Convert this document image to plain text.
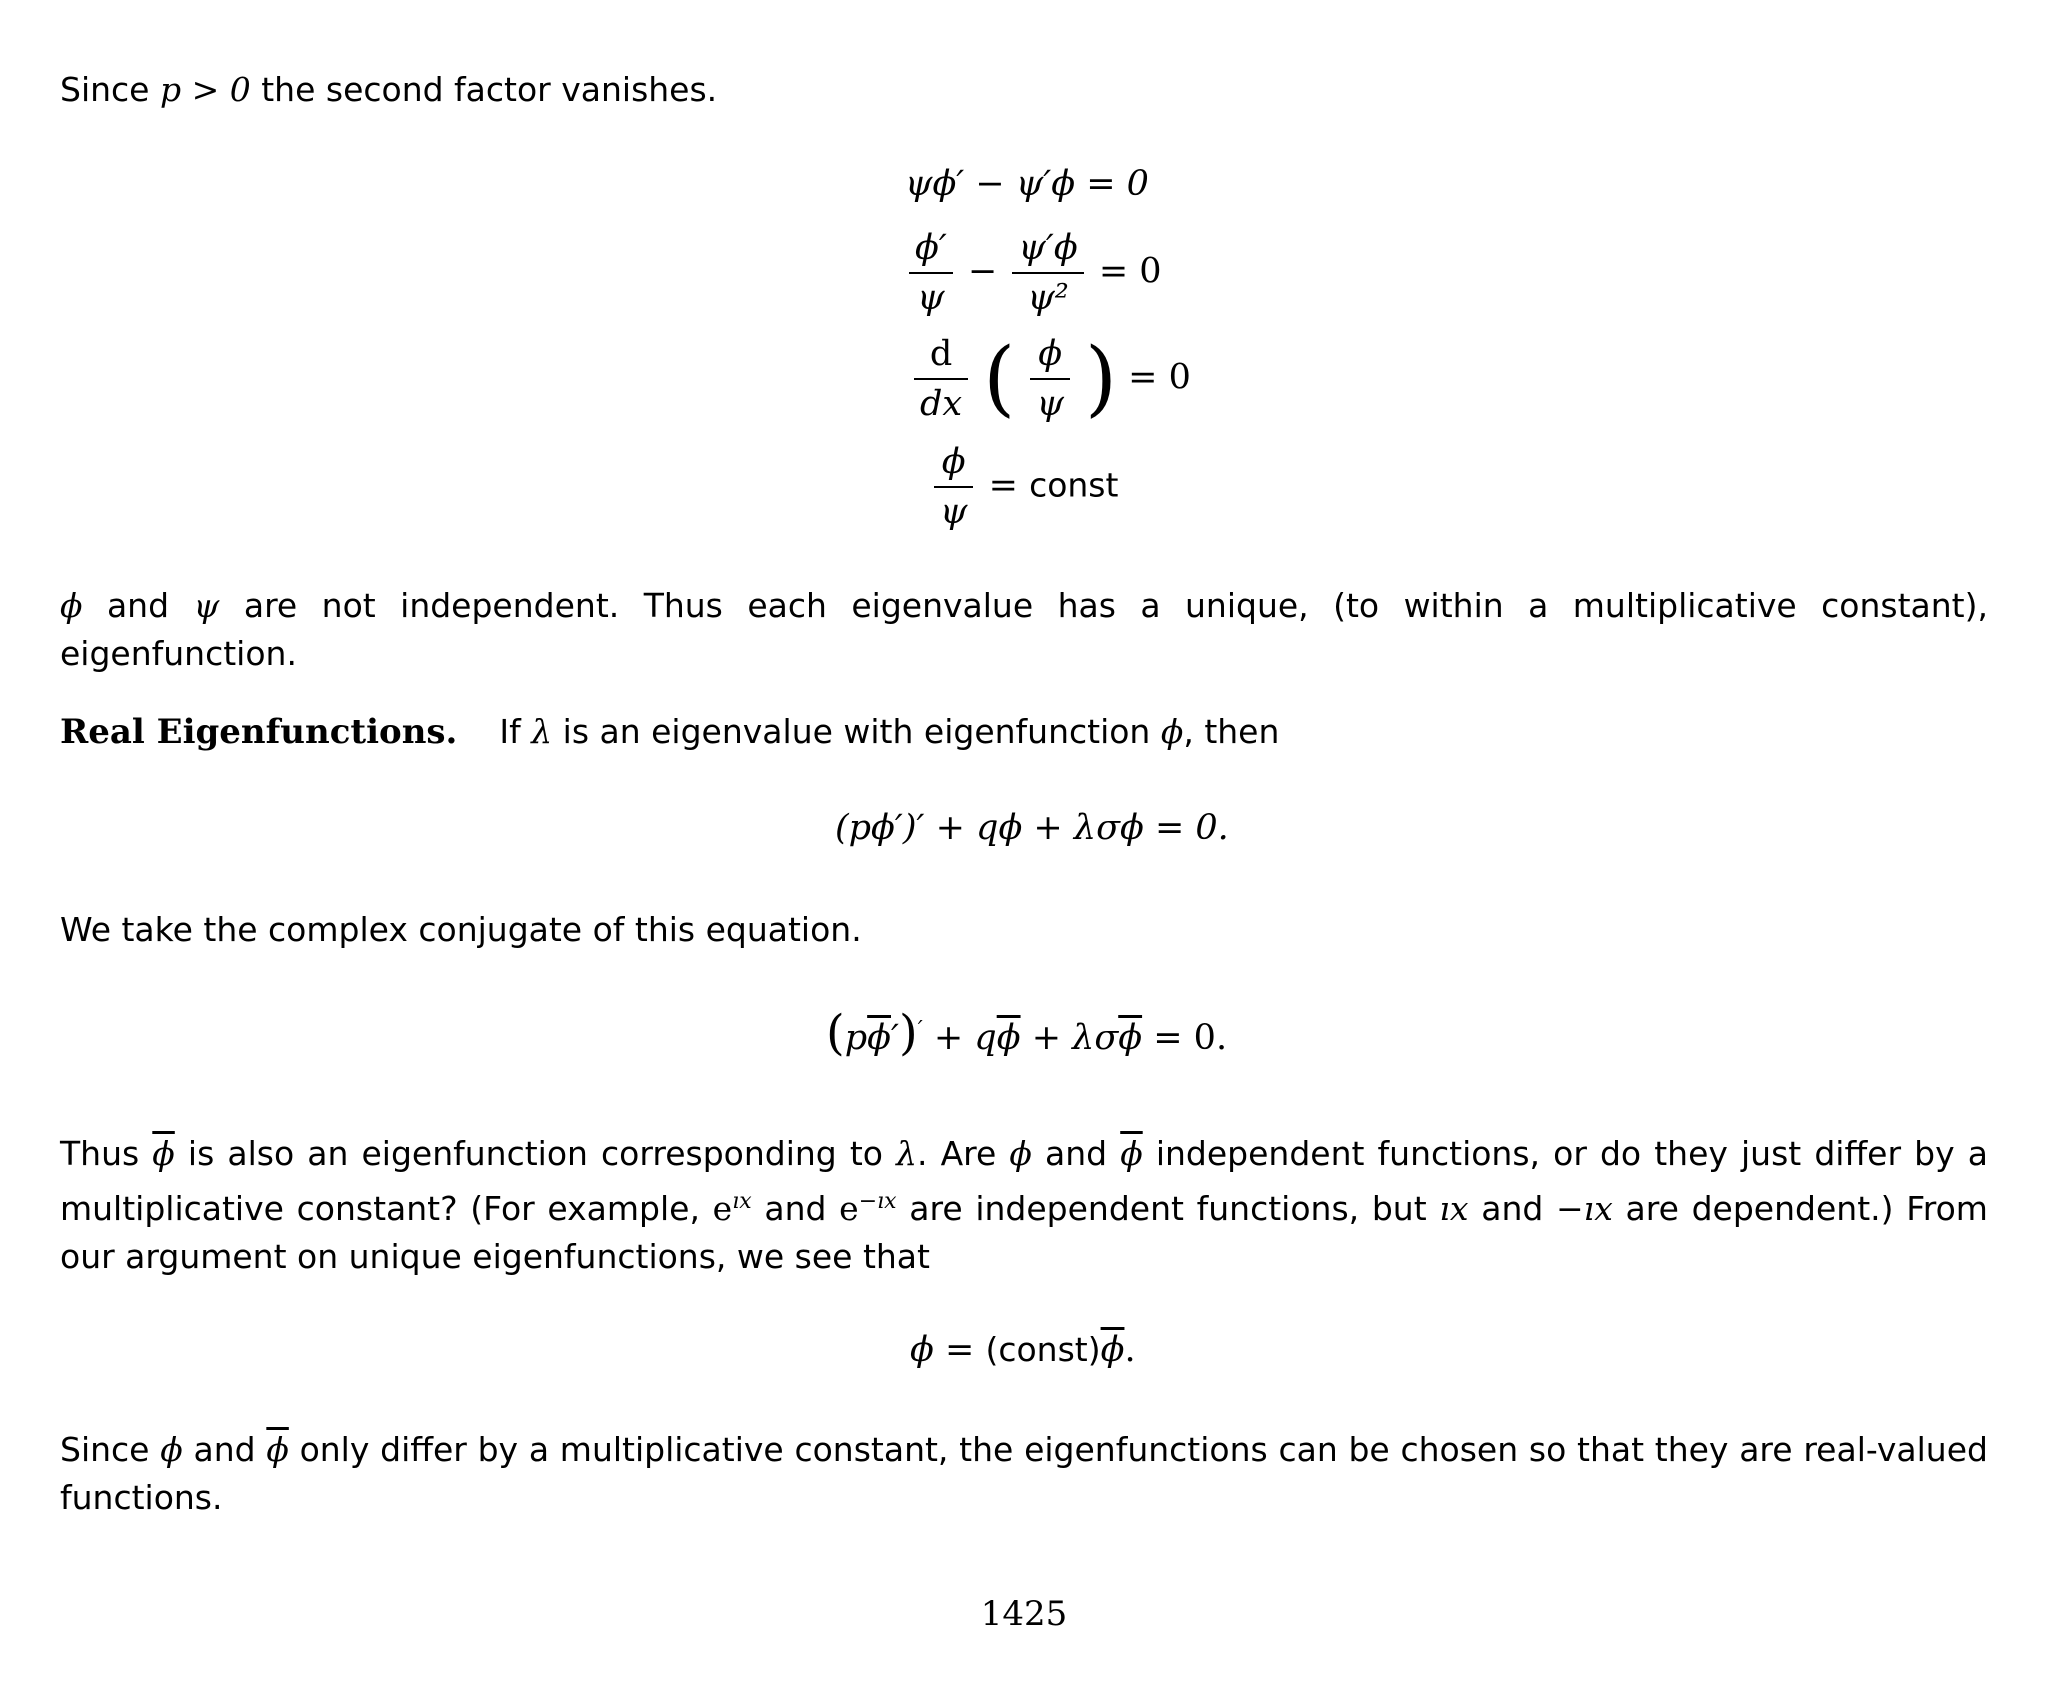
Since p > 0 the second factor vanishes.
ψϕ′ − ψ′ϕ = 0
$\frac{\phi'}{\psi} - \frac{\psi'\phi}{\text{ψ²}} = 0$
$\frac{d}{dx}$ ( $\frac{\phi}{\psi}$ ) = 0
$\frac{\phi}{\psi}$ = const
ϕ and ψ are not independent. Thus each eigenvalue has a unique, (to within a multiplicative constant), eigenfunction.
Real Eigenfunctions. If λ is an eigenvalue with eigenfunction ϕ, then
(pϕ′)′ + qϕ + λσϕ = 0.
We take the complex conjugate of this equation.
$(p\overline{\phi}')' + q\overline{\phi} + \lambda\sigma\overline{\phi} = 0$.
Thus $\overline{\phi}$ is also an eigenfunction corresponding to λ. Are ϕ and $\overline{\phi}$ independent functions, or do they just differ by a multiplicative constant? (For example, $e^{ıx}$ and $e^{-ıx}$ are independent functions, but ıx and −ıx are dependent.) From our argument on unique eigenfunctions, we see that
$\phi = (const)\overline{\phi}$.
Since ϕ and $\overline{\phi}$ only differ by a multiplicative constant, the eigenfunctions can be chosen so that they are real-valued functions.
1425
